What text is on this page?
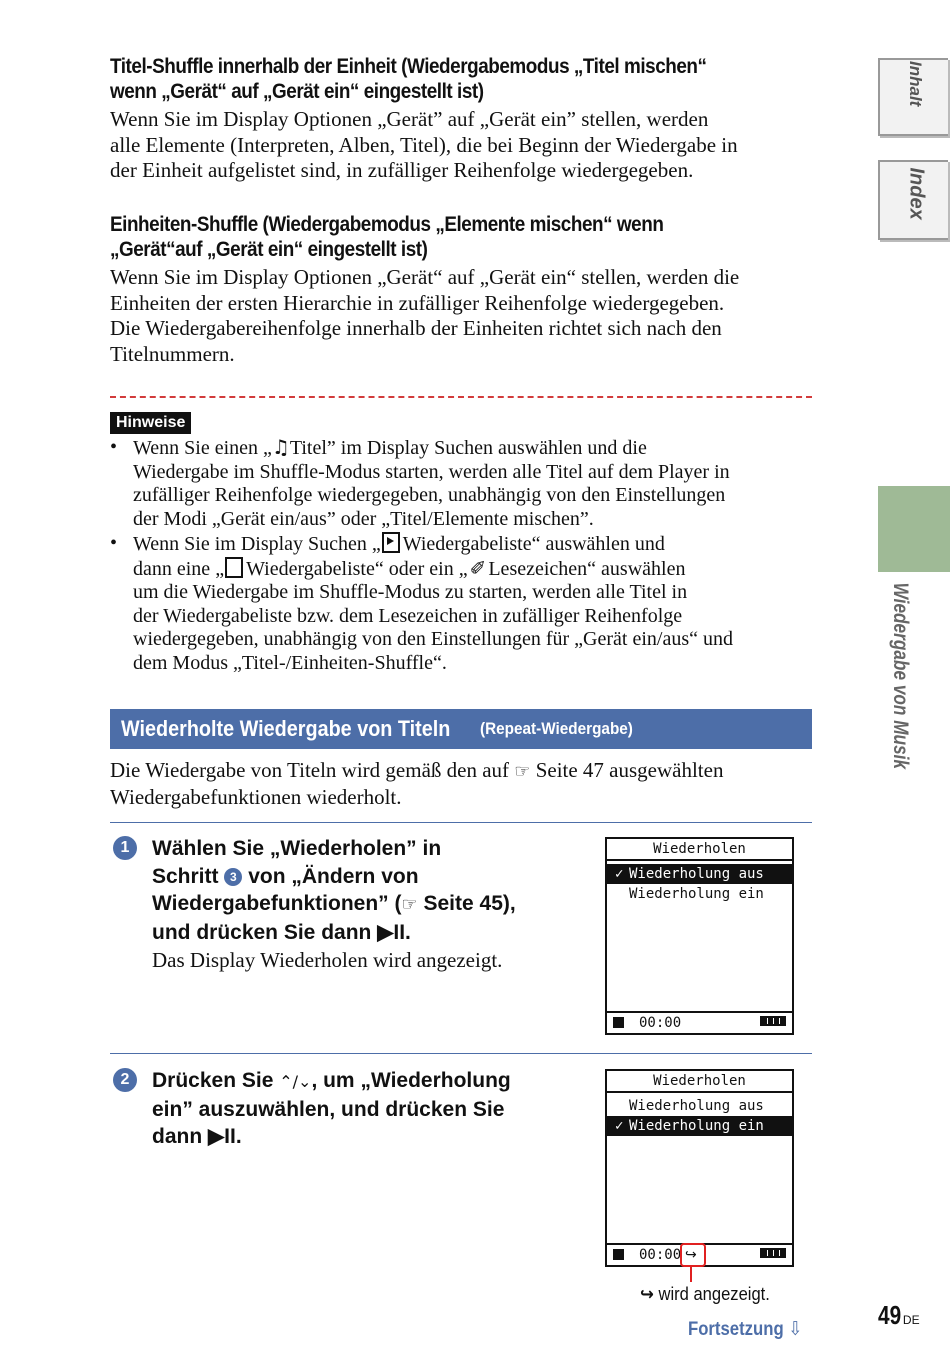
Inhalt
Index
Wiedergabe von Musik
Titel-Shuffle innerhalb der Einheit (Wiedergabemodus „Titel mischen“
wenn „Gerät“ auf „Gerät ein“ eingestellt ist)
Wenn Sie im Display Optionen „Gerät” auf „Gerät ein” stellen, werden
alle Elemente (Interpreten, Alben, Titel), die bei Beginn der Wiedergabe in
der Einheit aufgelistet sind, in zufälliger Reihenfolge wiedergegeben.
Einheiten-Shuffle (Wiedergabemodus „Elemente mischen“ wenn
„Gerät“auf „Gerät ein“ eingestellt ist)
Wenn Sie im Display Optionen „Gerät“ auf „Gerät ein“ stellen, werden die
Einheiten der ersten Hierarchie in zufälliger Reihenfolge wiedergegeben.
Die Wiedergabereihenfolge innerhalb der Einheiten richtet sich nach den
Titelnummern.
Hinweise
• Wenn Sie einen „♫Titel” im Display Suchen auswählen und die
Wiedergabe im Shuffle-Modus starten, werden alle Titel auf dem Player in
zufälliger Reihenfolge wiedergegeben, unabhängig von den Einstellungen
der Modi „Gerät ein/aus” oder „Titel/Elemente mischen”.
• Wenn Sie im Display Suchen „ Wiedergabeliste“ auswählen und
dann eine „ Wiedergabeliste“ oder ein „ ✐ Lesezeichen“ auswählen
um die Wiedergabe im Shuffle-Modus zu starten, werden alle Titel in
der Wiedergabeliste bzw. dem Lesezeichen in zufälliger Reihenfolge
wiedergegeben, unabhängig von den Einstellungen für „Gerät ein/aus“ und
dem Modus „Titel-/Einheiten-Shuffle“.
Wiederholte Wiedergabe von Titeln (Repeat-Wiedergabe)
Die Wiedergabe von Titeln wird gemäß den auf ☞ Seite 47 ausgewählten
Wiedergabefunktionen wiederholt.
1	Wählen Sie „Wiederholen” in
Schritt 3 von „Ändern von
Wiedergabefunktionen” (☞ Seite 45),
und drücken Sie dann ▶II.
Das Display Wiederholen wird angezeigt.
Wiederholen
✓ Wiederholung aus
Wiederholung ein
00:00
2	Drücken Sie ⌃/⌄, um „Wiederholung
ein” auszuwählen, und drücken Sie
dann ▶II.
Wiederholen
Wiederholung aus
✓ Wiederholung ein
00:00 ↪
↪ wird angezeigt.
Fortsetzung ⇩	49 DE
